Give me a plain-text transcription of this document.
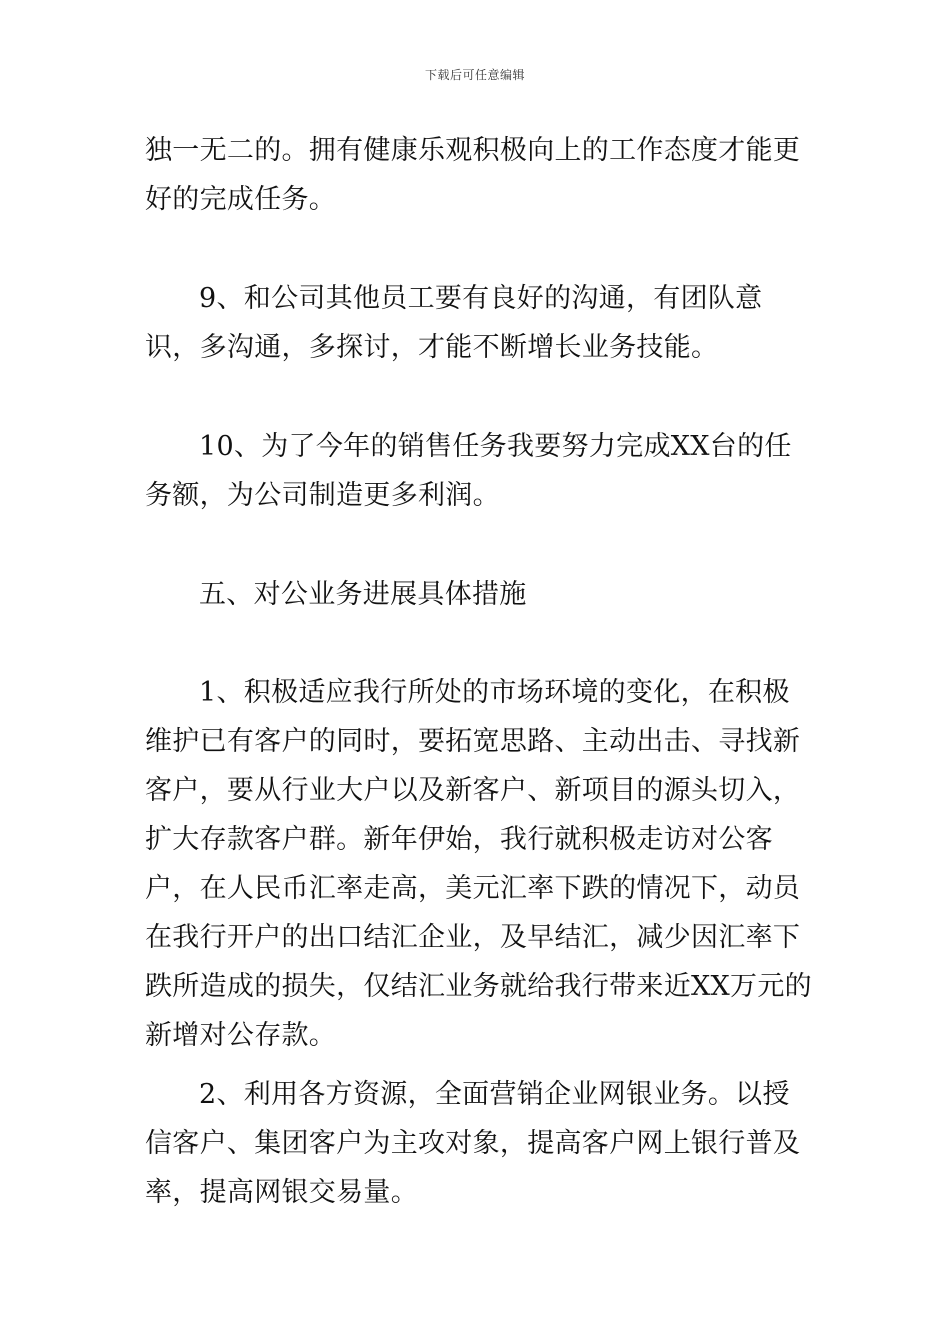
下载后可任意编辑
独一无二的。拥有健康乐观积极向上的工作态度才能更好的完成任务。
9、和公司其他员工要有良好的沟通，有团队意识，多沟通，多探讨，才能不断增长业务技能。
10、为了今年的销售任务我要努力完成XX台的任务额，为公司制造更多利润。
五、对公业务进展具体措施
1、积极适应我行所处的市场环境的变化，在积极维护已有客户的同时，要拓宽思路、主动出击、寻找新客户，要从行业大户以及新客户、新项目的源头切入，扩大存款客户群。新年伊始，我行就积极走访对公客户，在人民币汇率走高，美元汇率下跌的情况下，动员在我行开户的出口结汇企业，及早结汇，减少因汇率下跌所造成的损失，仅结汇业务就给我行带来近XX万元的新增对公存款。
2、利用各方资源，全面营销企业网银业务。以授信客户、集团客户为主攻对象，提高客户网上银行普及率，提高网银交易量。
